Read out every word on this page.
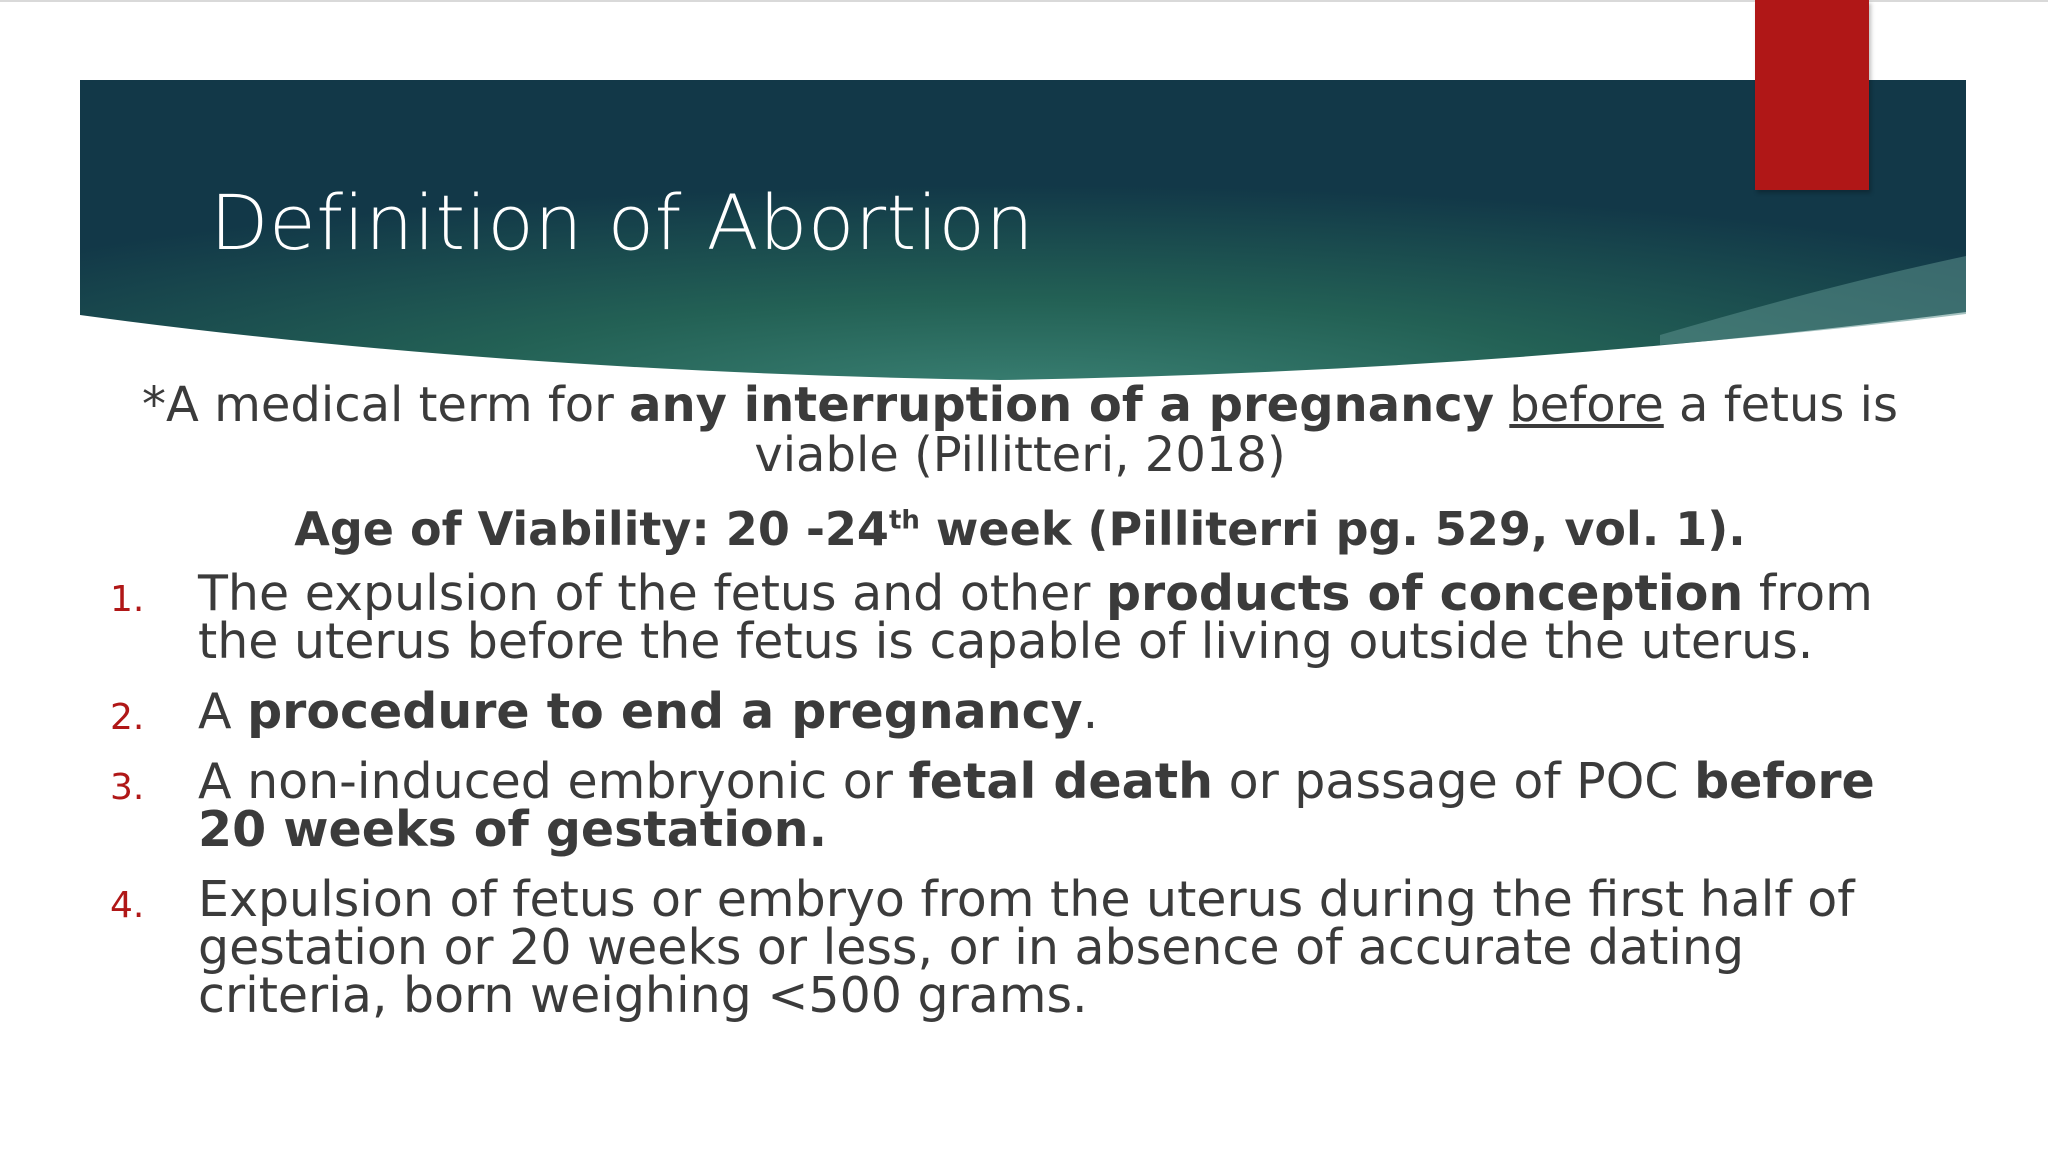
Definition of Abortion
*A medical term for any interruption of a pregnancy before a fetus is viable (Pillitteri, 2018)
Age of Viability: 20 -24th week (Pilliterri pg. 529, vol. 1).
1. The expulsion of the fetus and other products of conception from the uterus before the fetus is capable of living outside the uterus.
2. A procedure to end a pregnancy.
3. A non-induced embryonic or fetal death or passage of POC before 20 weeks of gestation.
4. Expulsion of fetus or embryo from the uterus during the first half of gestation or 20 weeks or less, or in absence of accurate dating criteria, born weighing <500 grams.
